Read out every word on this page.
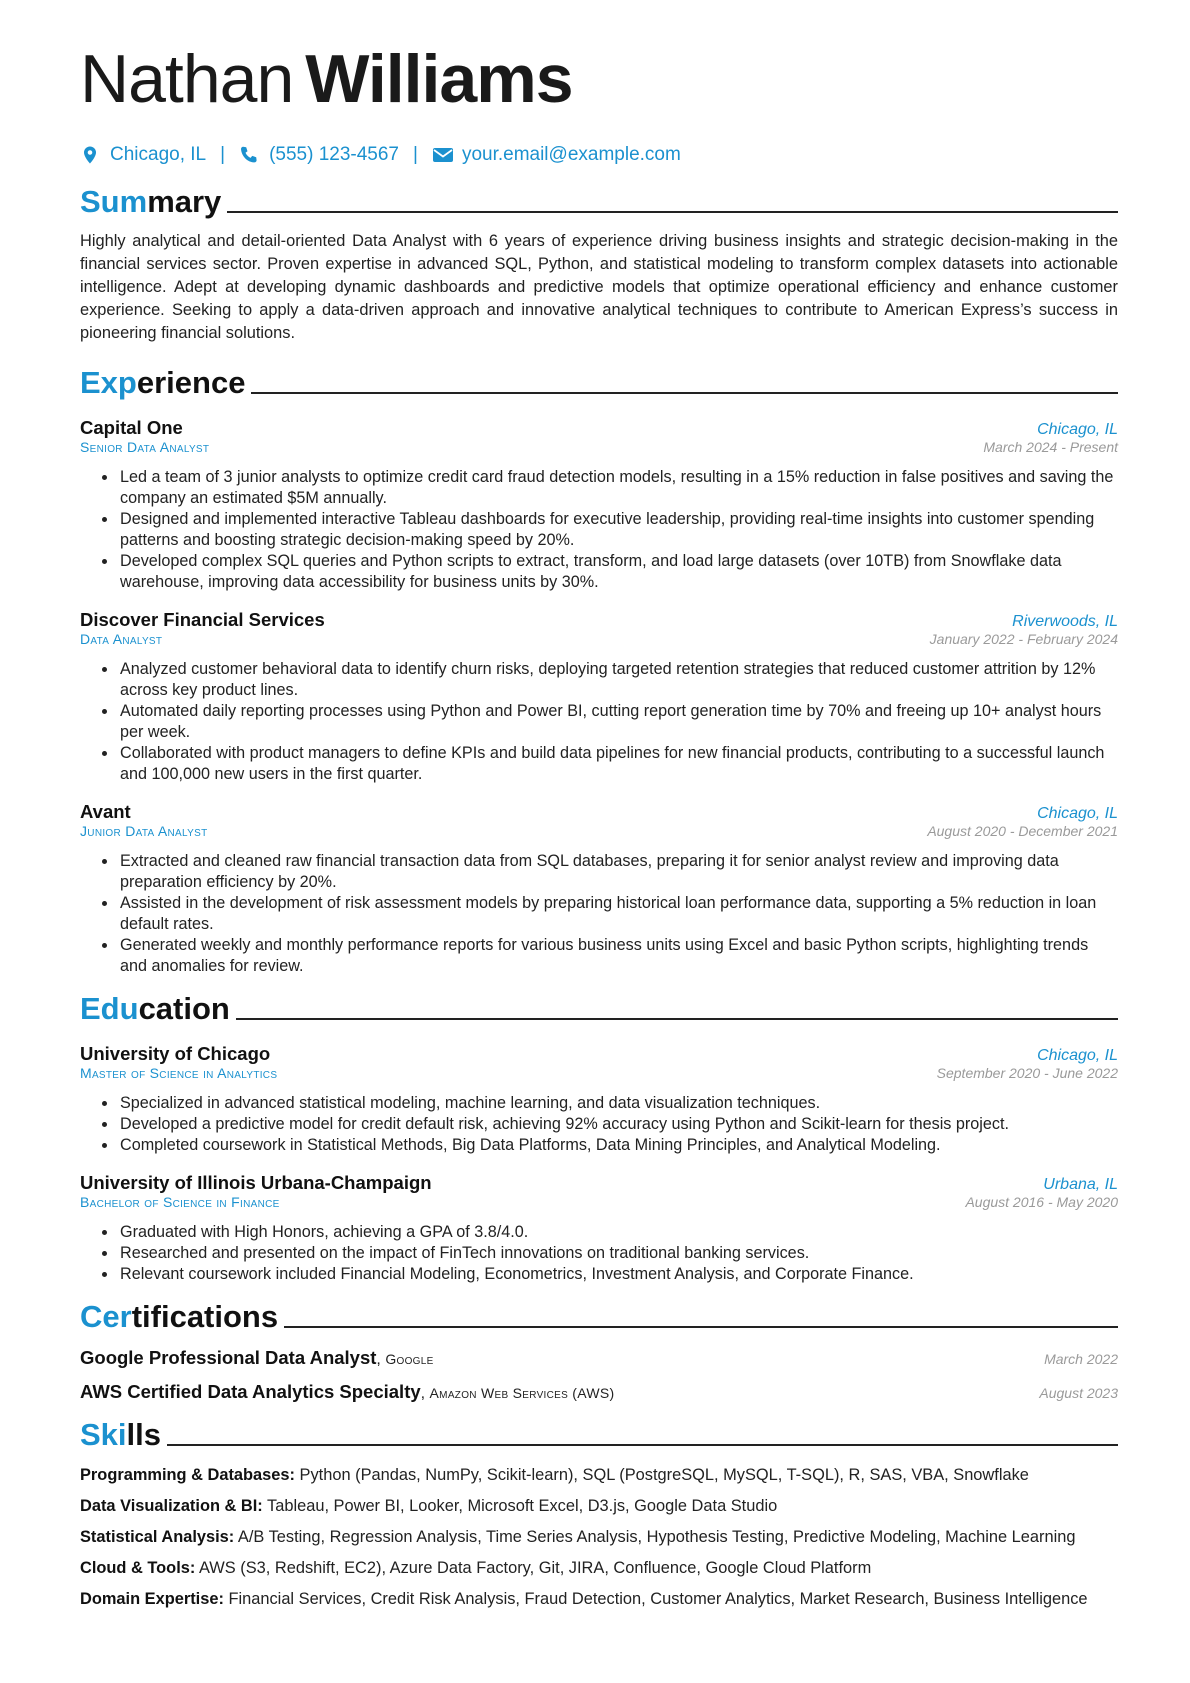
Nathan Williams
Chicago, IL | (555) 123-4567 | your.email@example.com
Summary

Highly analytical and detail-oriented Data Analyst with 6 years of experience driving business insights and strategic decision-making in the financial services sector. Proven expertise in advanced SQL, Python, and statistical modeling to transform complex datasets into actionable intelligence. Adept at developing dynamic dashboards and predictive models that optimize operational efficiency and enhance customer experience. Seeking to apply a data-driven approach and innovative analytical techniques to contribute to American Express’s success in pioneering financial solutions.

Experience
Capital One	Chicago, IL
Senior Data Analyst	March 2024 - Present
• Led a team of 3 junior analysts to optimize credit card fraud detection models, resulting in a 15% reduction in false positives and saving the company an estimated $5M annually.
• Designed and implemented interactive Tableau dashboards for executive leadership, providing real-time insights into customer spending patterns and boosting strategic decision-making speed by 20%.
• Developed complex SQL queries and Python scripts to extract, transform, and load large datasets (over 10TB) from Snowflake data warehouse, improving data accessibility for business units by 30%.
Discover Financial Services	Riverwoods, IL
Data Analyst	January 2022 - February 2024
• Analyzed customer behavioral data to identify churn risks, deploying targeted retention strategies that reduced customer attrition by 12% across key product lines.
• Automated daily reporting processes using Python and Power BI, cutting report generation time by 70% and freeing up 10+ analyst hours per week.
• Collaborated with product managers to define KPIs and build data pipelines for new financial products, contributing to a successful launch and 100,000 new users in the first quarter.
Avant	Chicago, IL
Junior Data Analyst	August 2020 - December 2021
• Extracted and cleaned raw financial transaction data from SQL databases, preparing it for senior analyst review and improving data preparation efficiency by 20%.
• Assisted in the development of risk assessment models by preparing historical loan performance data, supporting a 5% reduction in loan default rates.
• Generated weekly and monthly performance reports for various business units using Excel and basic Python scripts, highlighting trends and anomalies for review.
Education
University of Chicago	Chicago, IL
Master of Science in Analytics	September 2020 - June 2022
• Specialized in advanced statistical modeling, machine learning, and data visualization techniques.
• Developed a predictive model for credit default risk, achieving 92% accuracy using Python and Scikit-learn for thesis project.
• Completed coursework in Statistical Methods, Big Data Platforms, Data Mining Principles, and Analytical Modeling.
University of Illinois Urbana-Champaign	Urbana, IL
Bachelor of Science in Finance	August 2016 - May 2020
• Graduated with High Honors, achieving a GPA of 3.8/4.0.
• Researched and presented on the impact of FinTech innovations on traditional banking services.
• Relevant coursework included Financial Modeling, Econometrics, Investment Analysis, and Corporate Finance.
Certifications
Google Professional Data Analyst, Google	March 2022
AWS Certified Data Analytics Specialty, Amazon Web Services (AWS)	August 2023
Skills
Programming & Databases: Python (Pandas, NumPy, Scikit-learn), SQL (PostgreSQL, MySQL, T-SQL), R, SAS, VBA, Snowflake
Data Visualization & BI: Tableau, Power BI, Looker, Microsoft Excel, D3.js, Google Data Studio
Statistical Analysis: A/B Testing, Regression Analysis, Time Series Analysis, Hypothesis Testing, Predictive Modeling, Machine Learning
Cloud & Tools: AWS (S3, Redshift, EC2), Azure Data Factory, Git, JIRA, Confluence, Google Cloud Platform
Domain Expertise: Financial Services, Credit Risk Analysis, Fraud Detection, Customer Analytics, Market Research, Business Intelligence
